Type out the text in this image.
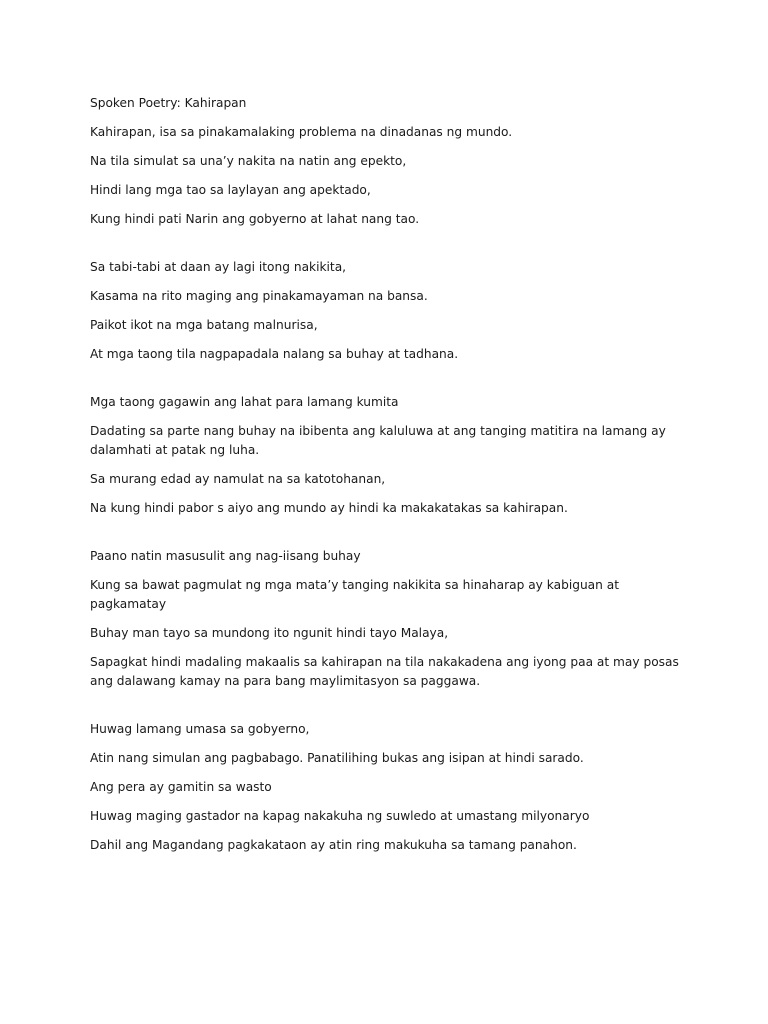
Spoken Poetry: Kahirapan

Kahirapan, isa sa pinakamalaking problema na dinadanas ng mundo.

Na tila simulat sa una’y nakita na natin ang epekto,

Hindi lang mga tao sa laylayan ang apektado,

Kung hindi pati Narin ang gobyerno at lahat nang tao.

Sa tabi-tabi at daan ay lagi itong nakikita,

Kasama na rito maging ang pinakamayaman na bansa.

Paikot ikot na mga batang malnurisa,

At mga taong tila nagpapadala nalang sa buhay at tadhana.

Mga taong gagawin ang lahat para lamang kumita

Dadating sa parte nang buhay na ibibenta ang kaluluwa at ang tanging matitira na lamang ay dalamhati at patak ng luha.

Sa murang edad ay namulat na sa katotohanan,

Na kung hindi pabor s aiyo ang mundo ay hindi ka makakatakas sa kahirapan.

Paano natin masusulit ang nag-iisang buhay

Kung sa bawat pagmulat ng mga mata’y tanging nakikita sa hinaharap ay kabiguan at pagkamatay

Buhay man tayo sa mundong ito ngunit hindi tayo Malaya,

Sapagkat hindi madaling makaalis sa kahirapan na tila nakakadena ang iyong paa at may posas ang dalawang kamay na para bang maylimitasyon sa paggawa.

Huwag lamang umasa sa gobyerno,

Atin nang simulan ang pagbabago. Panatilihing bukas ang isipan at hindi sarado.

Ang pera ay gamitin sa wasto

Huwag maging gastador na kapag nakakuha ng suwledo at umastang milyonaryo

Dahil ang Magandang pagkakataon ay atin ring makukuha sa tamang panahon.
